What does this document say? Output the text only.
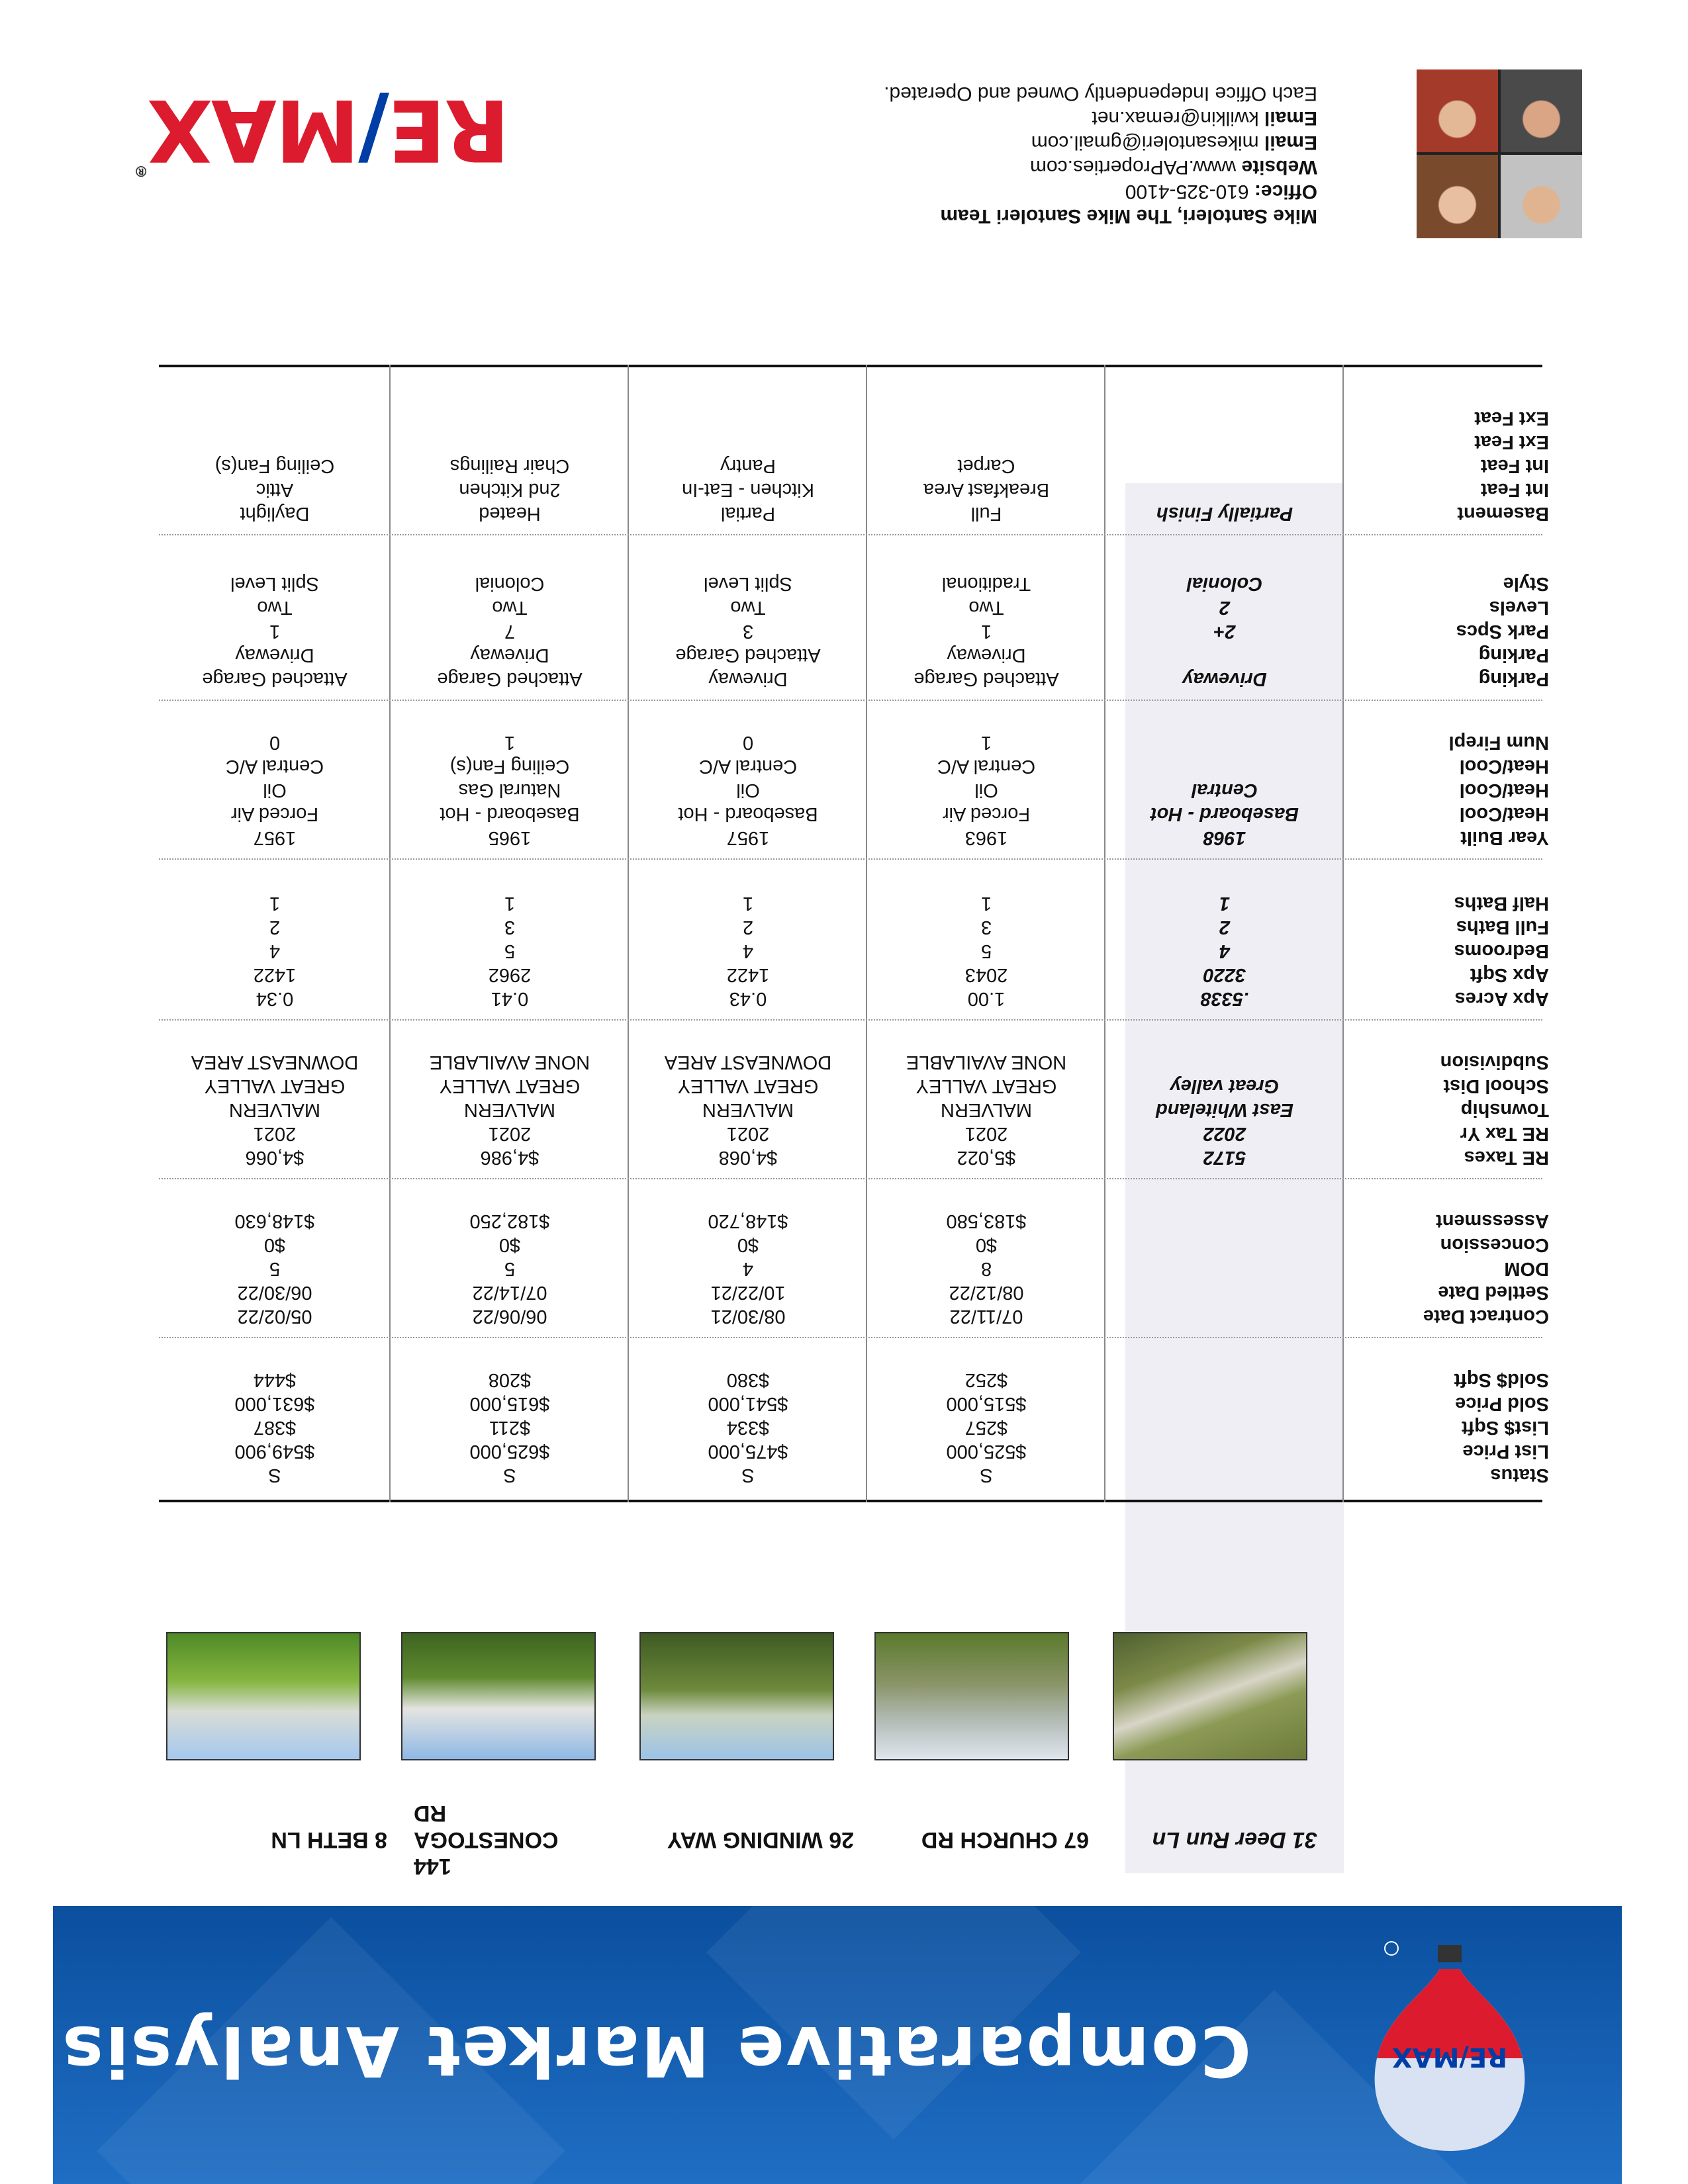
RE/MAX
Comparative Market Analysis
31 Deer Run Ln
67 CHURCH RD
26 WINDING WAY
144 CONESTOGA RD
8 BETH LN
Status
List Price
List$ Sqft
Sold Price
Sold$ Sqft
S
$525,000
$257
$515,000
$252
S
$475,000
$334
$541,000
$380
S
$625,000
$211
$615,000
$208
S
$549,900
$387
$631,000
$444
Contract Date
Settled Date
DOM
Concession
Assessment
07/11/22
08/12/22
8
$0
$183,580
08/30/21
10/22/21
4
$0
$148,720
06/06/22
07/14/22
5
$0
$182,250
05/02/22
06/30/22
5
$0
$148,630
RE Taxes
RE Tax Yr
Township
School Dist
Subdivision
5172
2022
East Whiteland
Great valley
$5,022
2021
MALVERN
GREAT VALLEY
NONE AVAILABLE
$4,068
2021
MALVERN
GREAT VALLEY
DOWNEAST AREA
$4,986
2021
MALVERN
GREAT VALLEY
NONE AVAILABLE
$4,066
2021
MALVERN
GREAT VALLEY
DOWNEAST AREA
Apx Acres
Apx Sqft
Bedrooms
Full Baths
Half Baths
.5338
3220
4
2
1
1.00
2043
5
3
1
0.43
1422
4
2
1
0.41
2962
5
3
1
0.34
1422
4
2
1
Year Built
Heat/Cool
Heat/Cool
Heat/Cool
Num Firepl
1968
Baseboard - Hot
Central
1963
Forced Air
Oil
Central A/C
1
1957
Baseboard - Hot
Oil
Central A/C
0
1965
Baseboard - Hot
Natural Gas
Ceiling Fan(s)
1
1957
Forced Air
Oil
Central A/C
0
Parking
Parking
Park Spcs
Levels
Style
Driveway
2+
2
Colonial
Attached Garage
Driveway
1
Two
Traditional
Driveway
Attached Garage
3
Two
Split Level
Attached Garage
Driveway
7
Two
Colonial
Attached Garage
Driveway
1
Two
Split Level
Basement
Int Feat
Int Feat
Ext Feat
Ext Feat
Partially Finish
Full
Breakfast Area
Carpet
Partial
Kitchen - Eat-In
Pantry
Heated
2nd Kitchen
Chair Railings
Daylight
Attic
Ceiling Fan(s)
Mike Santoleri, The Mike Santoleri Team
Office: 610-325-4100
Website www.PAProperties.com
Email mikesantoleri@gmail.com
Email kwilkin@remax.net
Each Office Independently Owned and Operated.
RE/MAX®
